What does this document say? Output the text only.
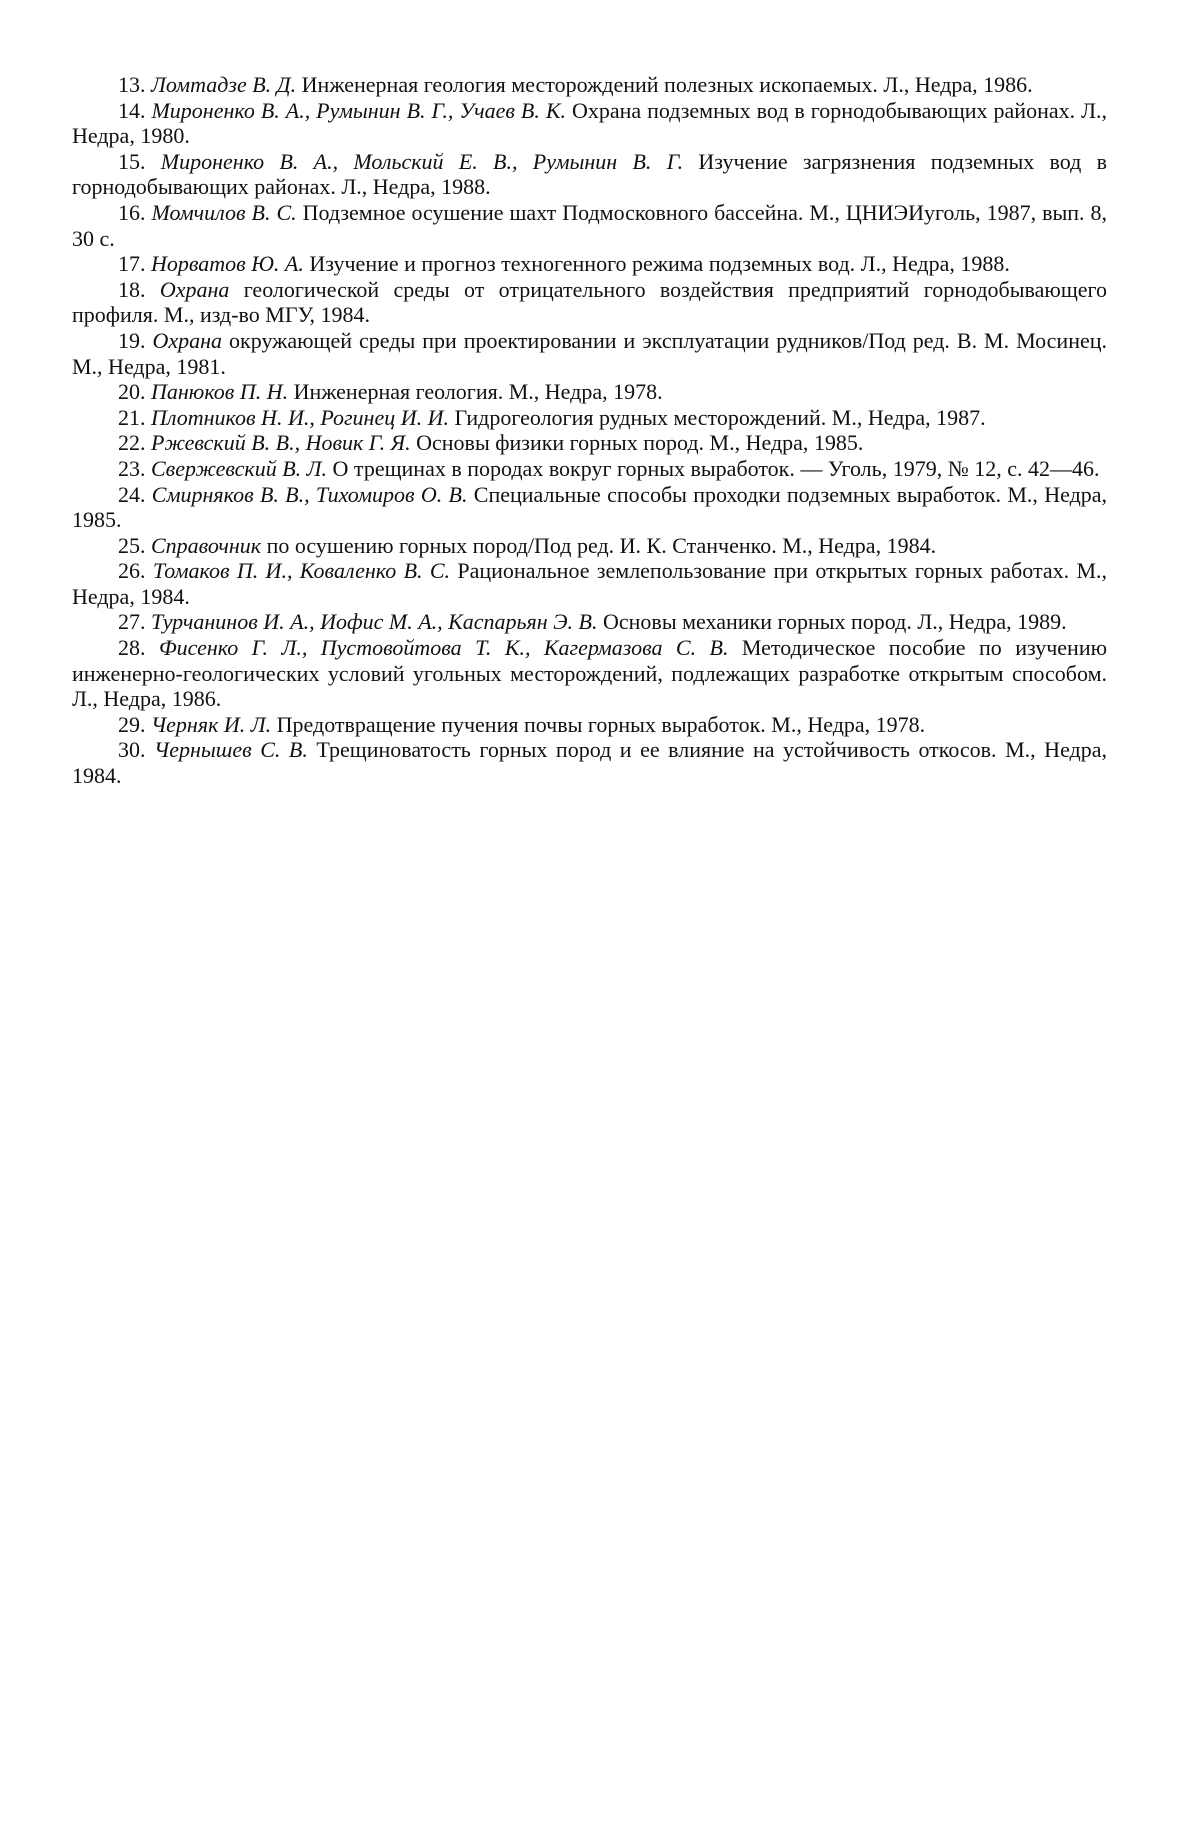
13. Ломтадзе В. Д. Инженерная геология месторождений полезных ископаемых. Л., Недра, 1986.
14. Мироненко В. А., Румынин В. Г., Учаев В. К. Охрана подземных вод в горнодобывающих районах. Л., Недра, 1980.
15. Мироненко В. А., Мольский Е. В., Румынин В. Г. Изучение загрязнения подземных вод в горнодобывающих районах. Л., Недра, 1988.
16. Момчилов В. С. Подземное осушение шахт Подмосковного бассейна. М., ЦНИЭИуголь, 1987, вып. 8, 30 с.
17. Норватов Ю. А. Изучение и прогноз техногенного режима подземных вод. Л., Недра, 1988.
18. Охрана геологической среды от отрицательного воздействия предприятий горнодобывающего профиля. М., изд-во МГУ, 1984.
19. Охрана окружающей среды при проектировании и эксплуатации рудников/Под ред. В. М. Мосинец. М., Недра, 1981.
20. Панюков П. Н. Инженерная геология. М., Недра, 1978.
21. Плотников Н. И., Рогинец И. И. Гидрогеология рудных месторождений. М., Недра, 1987.
22. Ржевский В. В., Новик Г. Я. Основы физики горных пород. М., Недра, 1985.
23. Свержевский В. Л. О трещинах в породах вокруг горных выработок. — Уголь, 1979, № 12, с. 42—46.
24. Смирняков В. В., Тихомиров О. В. Специальные способы проходки подземных выработок. М., Недра, 1985.
25. Справочник по осушению горных пород/Под ред. И. К. Станченко. М., Недра, 1984.
26. Томаков П. И., Коваленко В. С. Рациональное землепользование при открытых горных работах. М., Недра, 1984.
27. Турчанинов И. А., Иофис М. А., Каспарьян Э. В. Основы механики горных пород. Л., Недра, 1989.
28. Фисенко Г. Л., Пустовойтова Т. К., Кагермазова С. В. Методическое пособие по изучению инженерно-геологических условий угольных месторождений, подлежащих разработке открытым способом. Л., Недра, 1986.
29. Черняк И. Л. Предотвращение пучения почвы горных выработок. М., Недра, 1978.
30. Чернышев С. В. Трещиноватость горных пород и ее влияние на устойчивость откосов. М., Недра, 1984.
